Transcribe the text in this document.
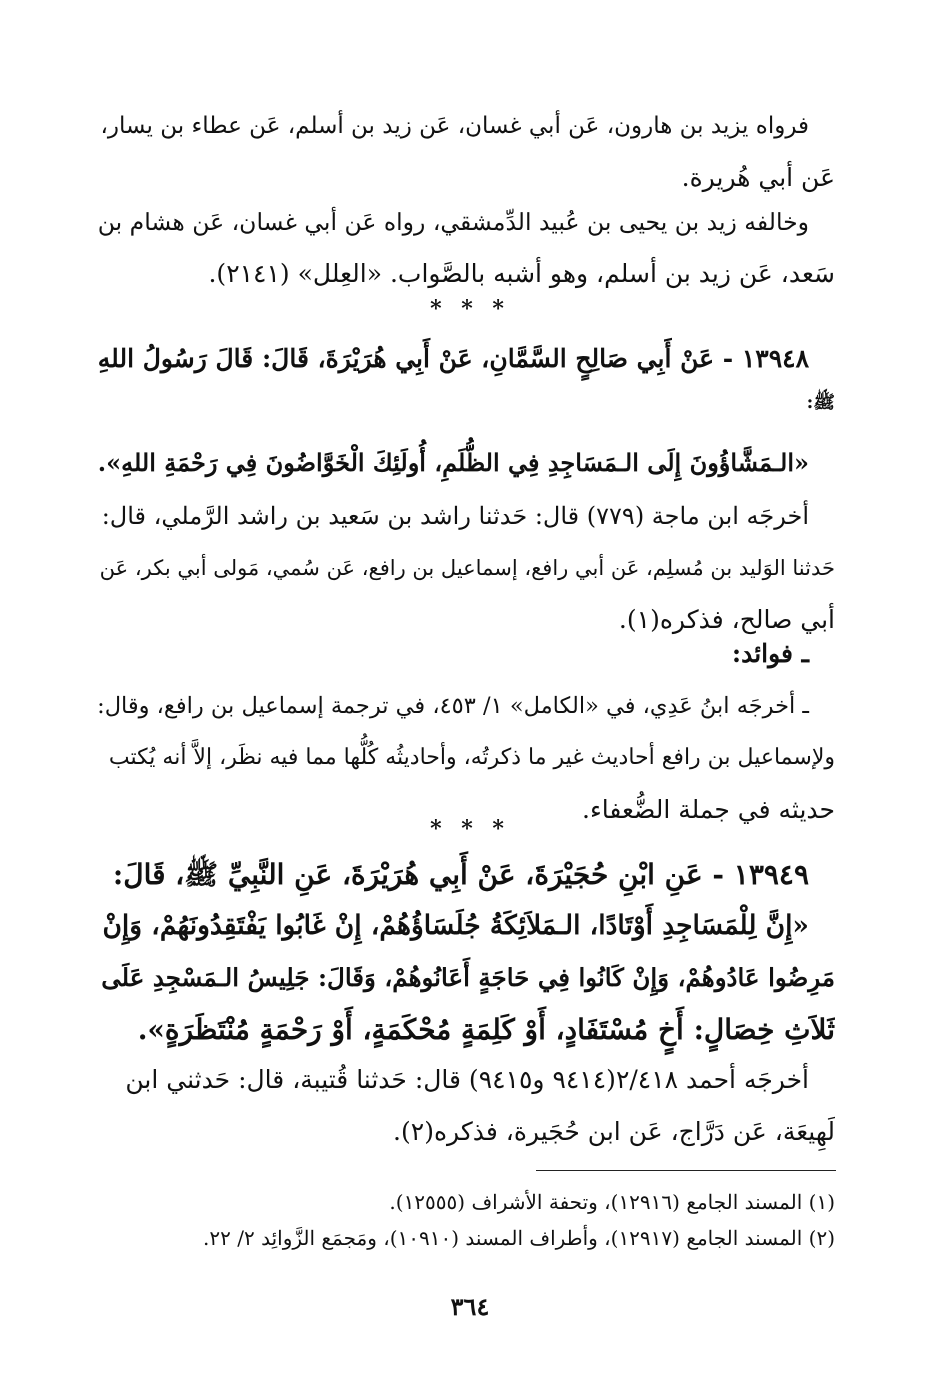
فرواه يزيد بن هارون، عَن أبي غسان، عَن زيد بن أسلم، عَن عطاء بن يسار،
عَن أبي هُريرة.
وخالفه زيد بن يحيى بن عُبيد الدِّمشقي، رواه عَن أبي غسان، عَن هشام بن
سَعد، عَن زيد بن أسلم، وهو أشبه بالصَّواب. «العِلل» (٢١٤١).
* * *
١٣٩٤٨ - عَنْ أَبِي صَالِحٍ السَّمَّانِ، عَنْ أَبِي هُرَيْرَةَ، قَالَ: قَالَ رَسُولُ اللهِ
ﷺ:
«الـمَشَّاؤُونَ إِلَى الـمَسَاجِدِ فِي الظُّلَمِ، أُولَئِكَ الْخَوَّاضُونَ فِي رَحْمَةِ اللهِ».
أخرجَه ابن ماجة (٧٧٩) قال: حَدثنا راشد بن سَعيد بن راشد الرَّملي، قال:
حَدثنا الوَليد بن مُسلِم، عَن أبي رافع، إسماعيل بن رافع، عَن سُمي، مَولى أبي بكر، عَن
أبي صالح، فذكره(١).
ـ فوائد:
ـ أخرجَه ابنُ عَدِي، في «الكامل» ١/ ٤٥٣، في ترجمة إسماعيل بن رافع، وقال:
ولإسماعيل بن رافع أحاديث غير ما ذكرتُه، وأحاديثُه كُلُّها مما فيه نظَر، إلاَّ أنه يُكتب
حديثه في جملة الضُّعفاء.
* * *
١٣٩٤٩ - عَنِ ابْنِ حُجَيْرَةَ، عَنْ أَبِي هُرَيْرَةَ، عَنِ النَّبِيِّ ﷺ، قَالَ:
«إِنَّ لِلْمَسَاجِدِ أَوْتَادًا، الـمَلاَئِكَةُ جُلَسَاؤُهُمْ، إِنْ غَابُوا يَفْتَقِدُونَهُمْ، وَإِنْ
مَرِضُوا عَادُوهُمْ، وَإِنْ كَانُوا فِي حَاجَةٍ أَعَانُوهُمْ، وَقَالَ: جَلِيسُ الـمَسْجِدِ عَلَى
ثَلاَثِ خِصَالٍ: أَخٍ مُسْتَفَادٍ، أَوْ كَلِمَةٍ مُحْكَمَةٍ، أَوْ رَحْمَةٍ مُنْتَظَرَةٍ».
أخرجَه أحمد ٢/٤١٨(٩٤١٤ و٩٤١٥) قال: حَدثنا قُتيبة، قال: حَدثني ابن
لَهِيعَة، عَن دَرَّاج، عَن ابن حُجَيرة، فذكره(٢).
(١) المسند الجامع (١٢٩١٦)، وتحفة الأشراف (١٢٥٥٥).
(٢) المسند الجامع (١٢٩١٧)، وأطراف المسند (١٠٩١٠)، ومَجمَع الزَّوائِد ٢/ ٢٢.
٣٦٤
